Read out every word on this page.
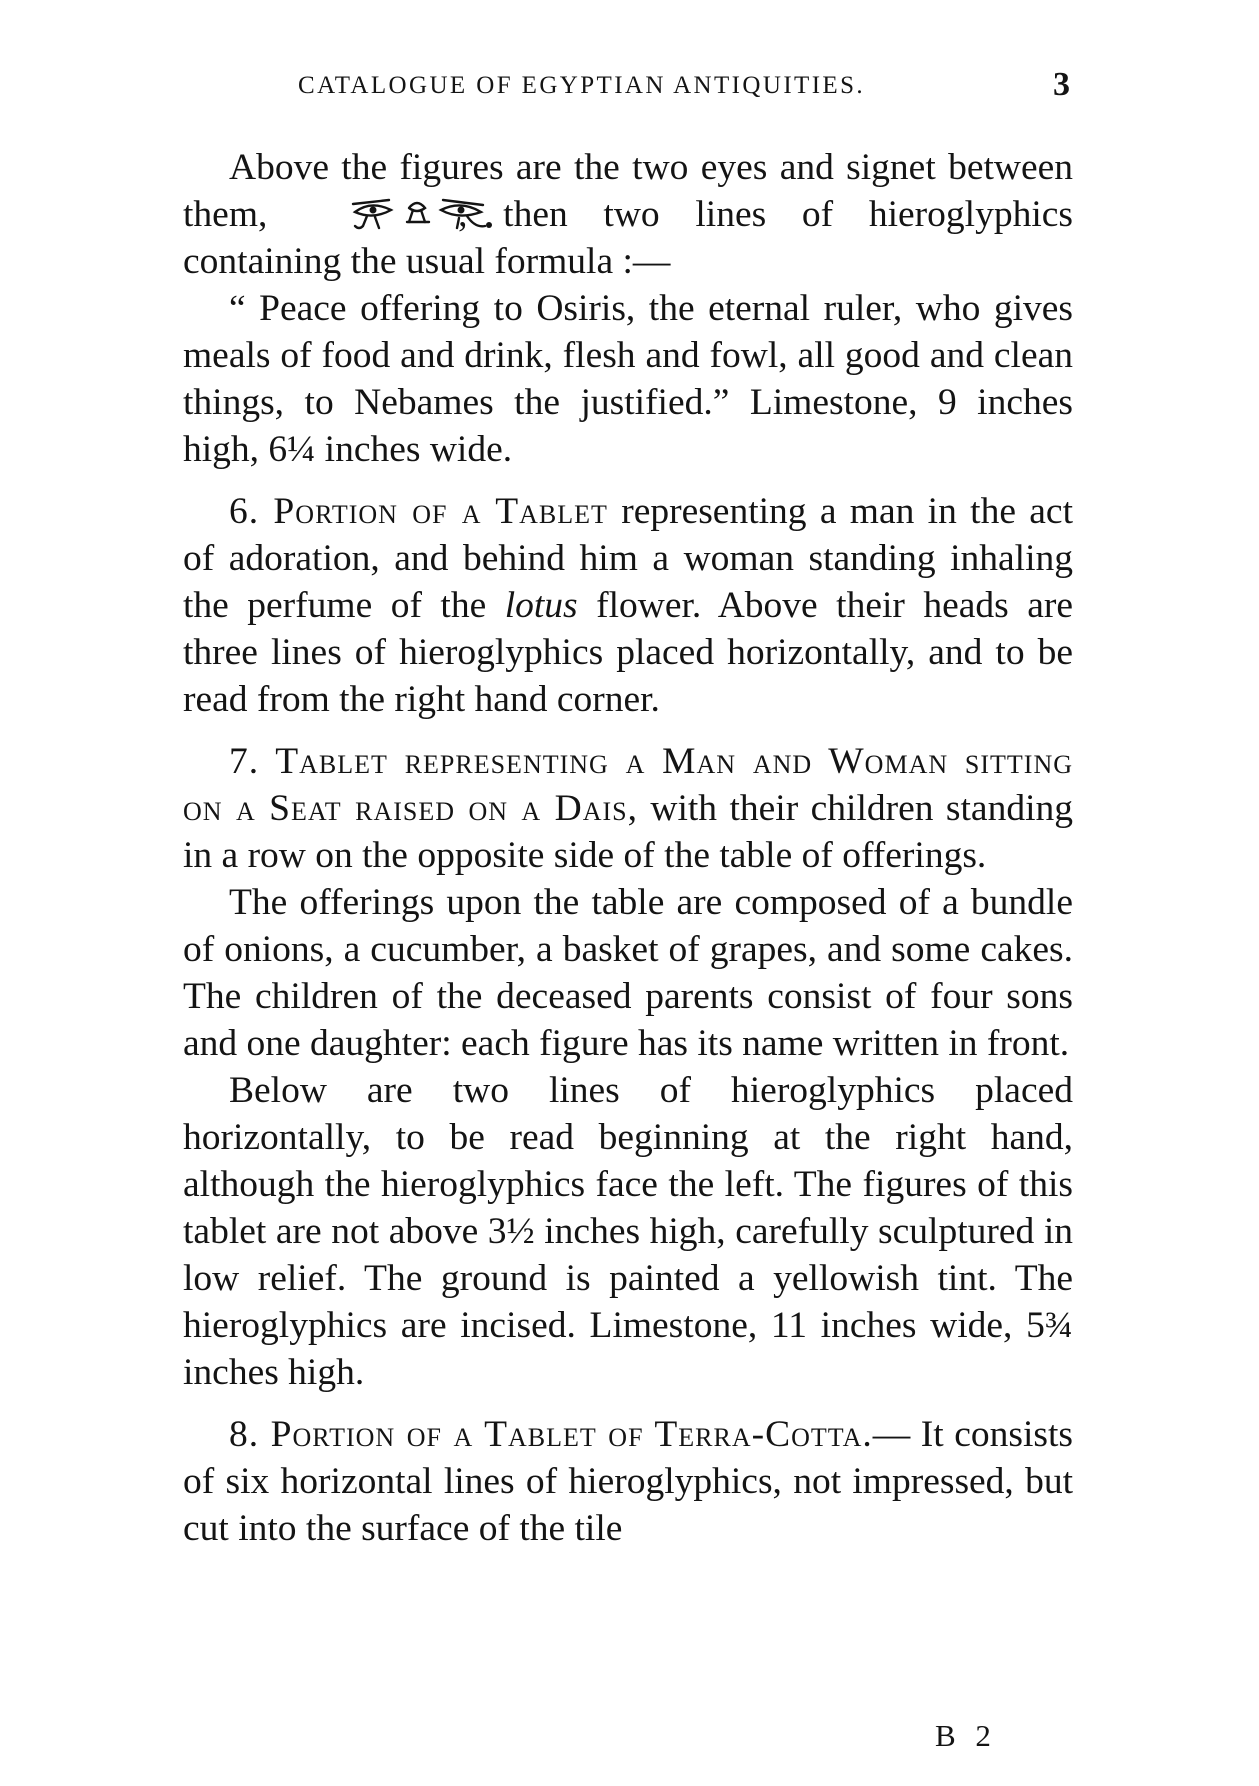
CATALOGUE OF EGYPTIAN ANTIQUITIES.	3

Above the figures are the two eyes and signet between them,	, then two lines of hieroglyphics containing the usual formula :—

“ Peace offering to Osiris, the eternal ruler, who gives meals of food and drink, flesh and fowl, all good and clean things, to Nebames the justified.” Limestone, 9 inches high, 6¼ inches wide.

6. Portion of a Tablet representing a man in the act of adoration, and behind him a woman standing inhaling the perfume of the lotus flower. Above their heads are three lines of hieroglyphics placed horizontally, and to be read from the right hand corner.

7. Tablet representing a Man and Woman sitting on a Seat raised on a Dais, with their children standing in a row on the opposite side of the table of offerings.

The offerings upon the table are composed of a bundle of onions, a cucumber, a basket of grapes, and some cakes. The children of the deceased parents consist of four sons and one daughter: each figure has its name written in front.

Below are two lines of hieroglyphics placed horizontally, to be read beginning at the right hand, although the hieroglyphics face the left. The figures of this tablet are not above 3½ inches high, carefully sculptured in low relief. The ground is painted a yellowish tint. The hieroglyphics are incised. Limestone, 11 inches wide, 5¾ inches high.

8. Portion of a Tablet of Terra-Cotta.— It consists of six horizontal lines of hieroglyphics, not impressed, but cut into the surface of the tile

B 2
